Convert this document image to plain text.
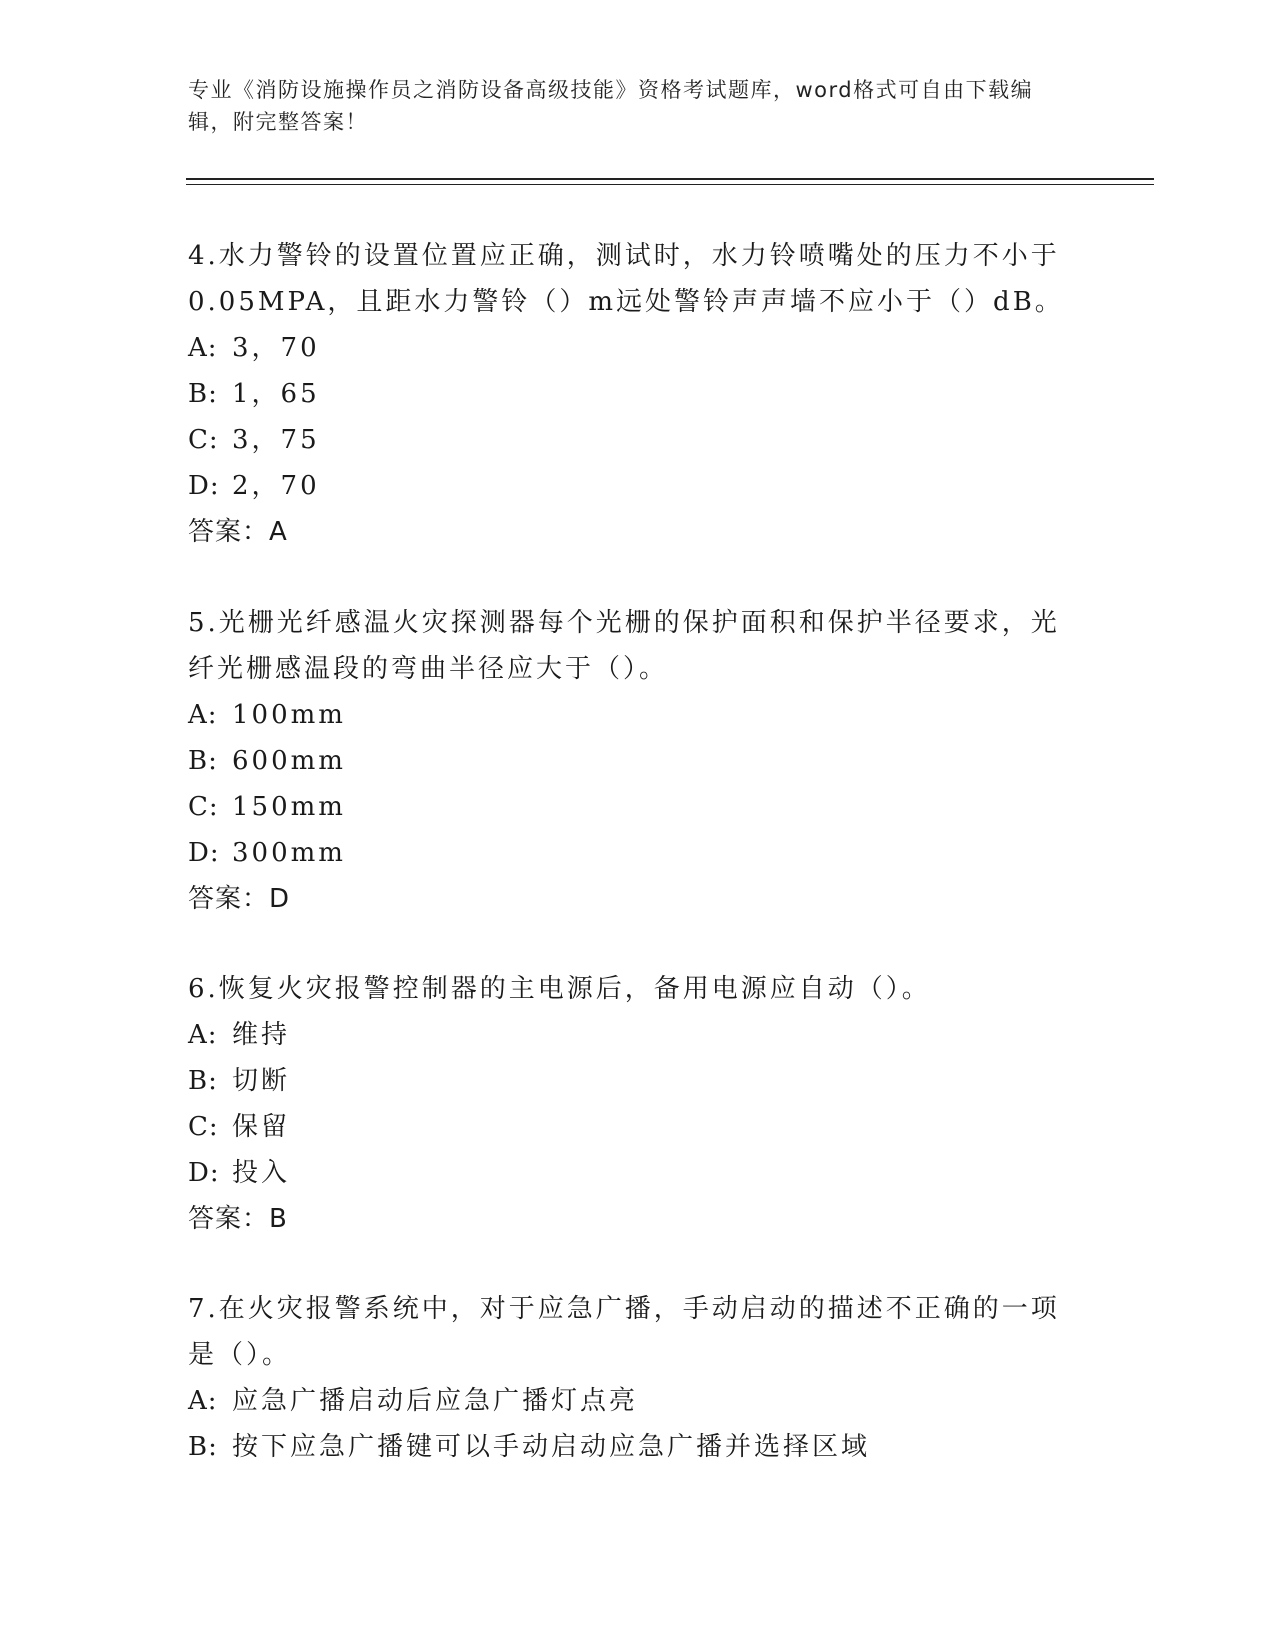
专业《消防设施操作员之消防设备高级技能》资格考试题库，word格式可自由下载编辑，附完整答案！

4.水力警铃的设置位置应正确，测试时，水力铃喷嘴处的压力不小于0.05MPA，且距水力警铃（）m远处警铃声声墙不应小于（）dB。

A: 3，70

B: 1，65

C: 3，75

D: 2，70

答案：A

5.光栅光纤感温火灾探测器每个光栅的保护面积和保护半径要求，光纤光栅感温段的弯曲半径应大于（）。

A: 100mm

B: 600mm

C: 150mm

D: 300mm

答案：D

6.恢复火灾报警控制器的主电源后，备用电源应自动（）。

A: 维持

B: 切断

C: 保留

D: 投入

答案：B

7.在火灾报警系统中，对于应急广播，手动启动的描述不正确的一项是（）。

A: 应急广播启动后应急广播灯点亮

B: 按下应急广播键可以手动启动应急广播并选择区域
